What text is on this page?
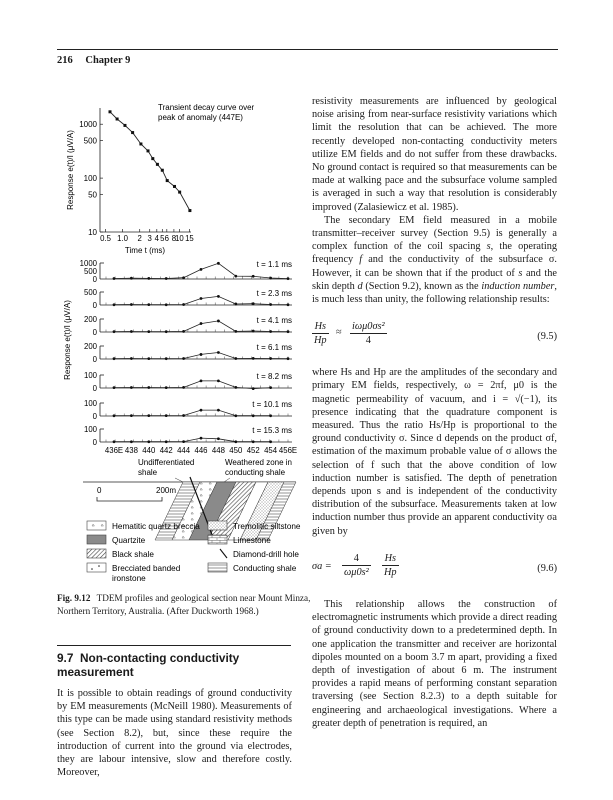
216 Chapter 9
1000
500
100
50
10
0.5 1.0 2 3 4 5 6 8
10 15
Time t (ms)
Response e(t)/I (μV/A)
Transient decay curve over
peak of anomaly (447E)
1000
500
0
t = 1.1 ms
500
0
t = 2.3 ms
200
0
t = 4.1 ms
200
0
t = 6.1 ms
100
0
t = 8.2 ms
100
0
t = 10.1 ms
100
0
t = 15.3 ms
436E 438 440 442 444 446 448 450 452 454 456E
Response e(t)/I (μV/A)
Undifferentiated
shale
Weathered zone in
conducting shale
0	200m
Hematitic quartz breccia	Tremolitic siltstone
Quartzite	Limestone
Black shale	Diamond-drill hole
Brecciated banded
ironstone
Conducting shale
Fig. 9.12 TDEM profiles and geological section near Mount Minza, Northern Territory, Australia. (After Duckworth 1968.)
9.7 Non-contacting conductivity measurement

It is possible to obtain readings of ground conductivity by EM measurements (McNeill 1980). Measurements of this type can be made using standard resistivity methods (see Section 8.2), but, since these require the introduction of current into the ground via electrodes, they are labour intensive, slow and therefore costly. Moreover,

resistivity measurements are influenced by geological noise arising from near-surface resistivity variations which limit the resolution that can be achieved. The more recently developed non-contacting conductivity meters utilize EM fields and do not suffer from these drawbacks. No ground contact is required so that measurements can be made at walking pace and the subsurface volume sampled is averaged in such a way that resolution is considerably improved (Zalasiewicz et al. 1985).

The secondary EM field measured in a mobile transmitter–receiver survey (Section 9.5) is generally a complex function of the coil spacing s, the operating frequency f and the conductivity of the subsurface σ. However, it can be shown that if the product of s and the skin depth d (Section 9.2), known as the induction number, is much less than unity, the following relationship results:

$\frac{Hs}{Hp}$ ≈
iωμ0σs²
4	(9.5)

where Hs and Hp are the amplitudes of the secondary and primary EM fields, respectively, ω = 2πf, μ0 is the magnetic permeability of vacuum, and i = √(−1), its presence indicating that the quadrature component is measured. Thus the ratio Hs/Hp is proportional to the ground conductivity σ. Since d depends on the product σf, estimation of the maximum probable value of σ allows the selection of f such that the above condition of low induction number is satisfied. The depth of penetration depends upon s and is independent of the conductivity distribution of the subsurface. Measurements taken at low induction number thus provide an apparent conductivity σa given by

$\sigma a = \frac{4}{\text{ωμ0s²}} \frac{Hs}{Hp}$	(9.6)

This relationship allows the construction of electromagnetic instruments which provide a direct reading of ground conductivity down to a predetermined depth. In one application the transmitter and receiver are horizontal dipoles mounted on a boom 3.7 m apart, providing a fixed depth of investigation of about 6 m. The instrument provides a rapid means of performing constant separation traversing (see Section 8.2.3) to a depth suitable for engineering and archaeological investigations. Where a greater depth of penetration is required, an
